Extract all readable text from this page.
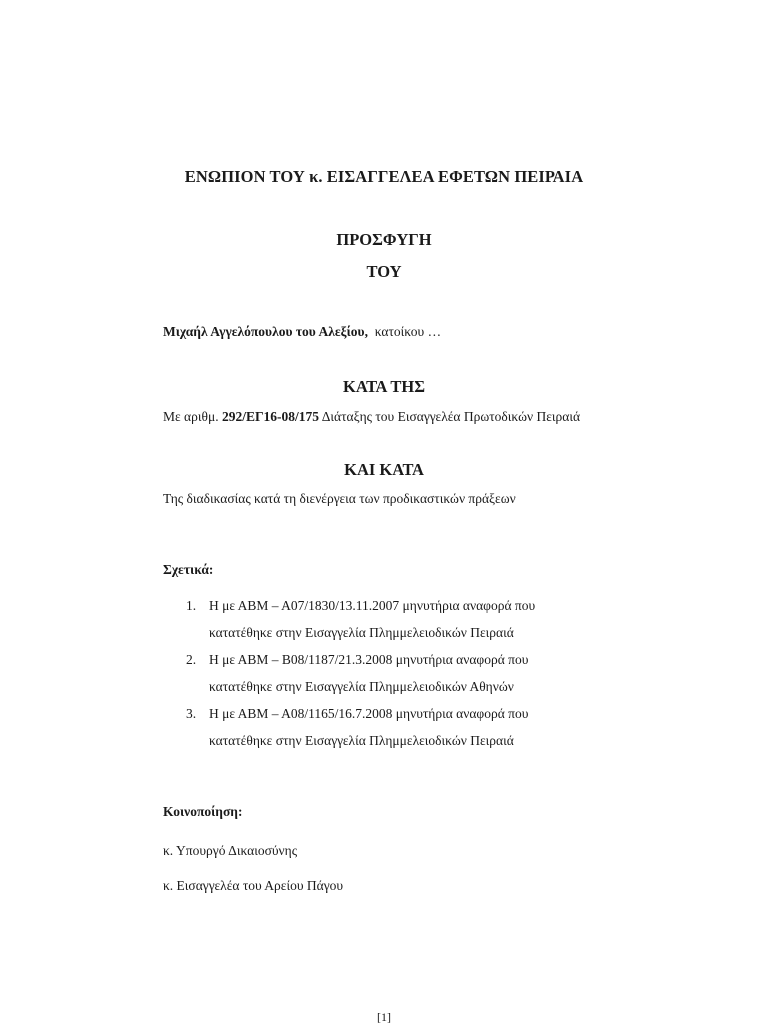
ΕΝΩΠΙΟΝ ΤΟΥ κ. ΕΙΣΑΓΓΕΛΕΑ ΕΦΕΤΩΝ ΠΕΙΡΑΙΑ
ΠΡΟΣΦΥΓΗ
ΤΟΥ
Μιχαήλ Αγγελόπουλου του Αλεξίου, κατοίκου …
ΚΑΤΑ ΤΗΣ
Με αριθμ. 292/ΕΓ16-08/175 Διάταξης του Εισαγγελέα Πρωτοδικών Πειραιά
ΚΑΙ ΚΑΤΑ
Της διαδικασίας κατά τη διενέργεια των προδικαστικών πράξεων
Σχετικά:
1. Η με ΑΒΜ – Α07/1830/13.11.2007 μηνυτήρια αναφορά που
κατατέθηκε στην Εισαγγελία Πλημμελειοδικών Πειραιά
2. Η με ΑΒΜ – Β08/1187/21.3.2008 μηνυτήρια αναφορά που
κατατέθηκε στην Εισαγγελία Πλημμελειοδικών Αθηνών
3. Η με ΑΒΜ – Α08/1165/16.7.2008 μηνυτήρια αναφορά που
κατατέθηκε στην Εισαγγελία Πλημμελειοδικών Πειραιά
Κοινοποίηση:
κ. Υπουργό Δικαιοσύνης
κ. Εισαγγελέα του Αρείου Πάγου
[1]
